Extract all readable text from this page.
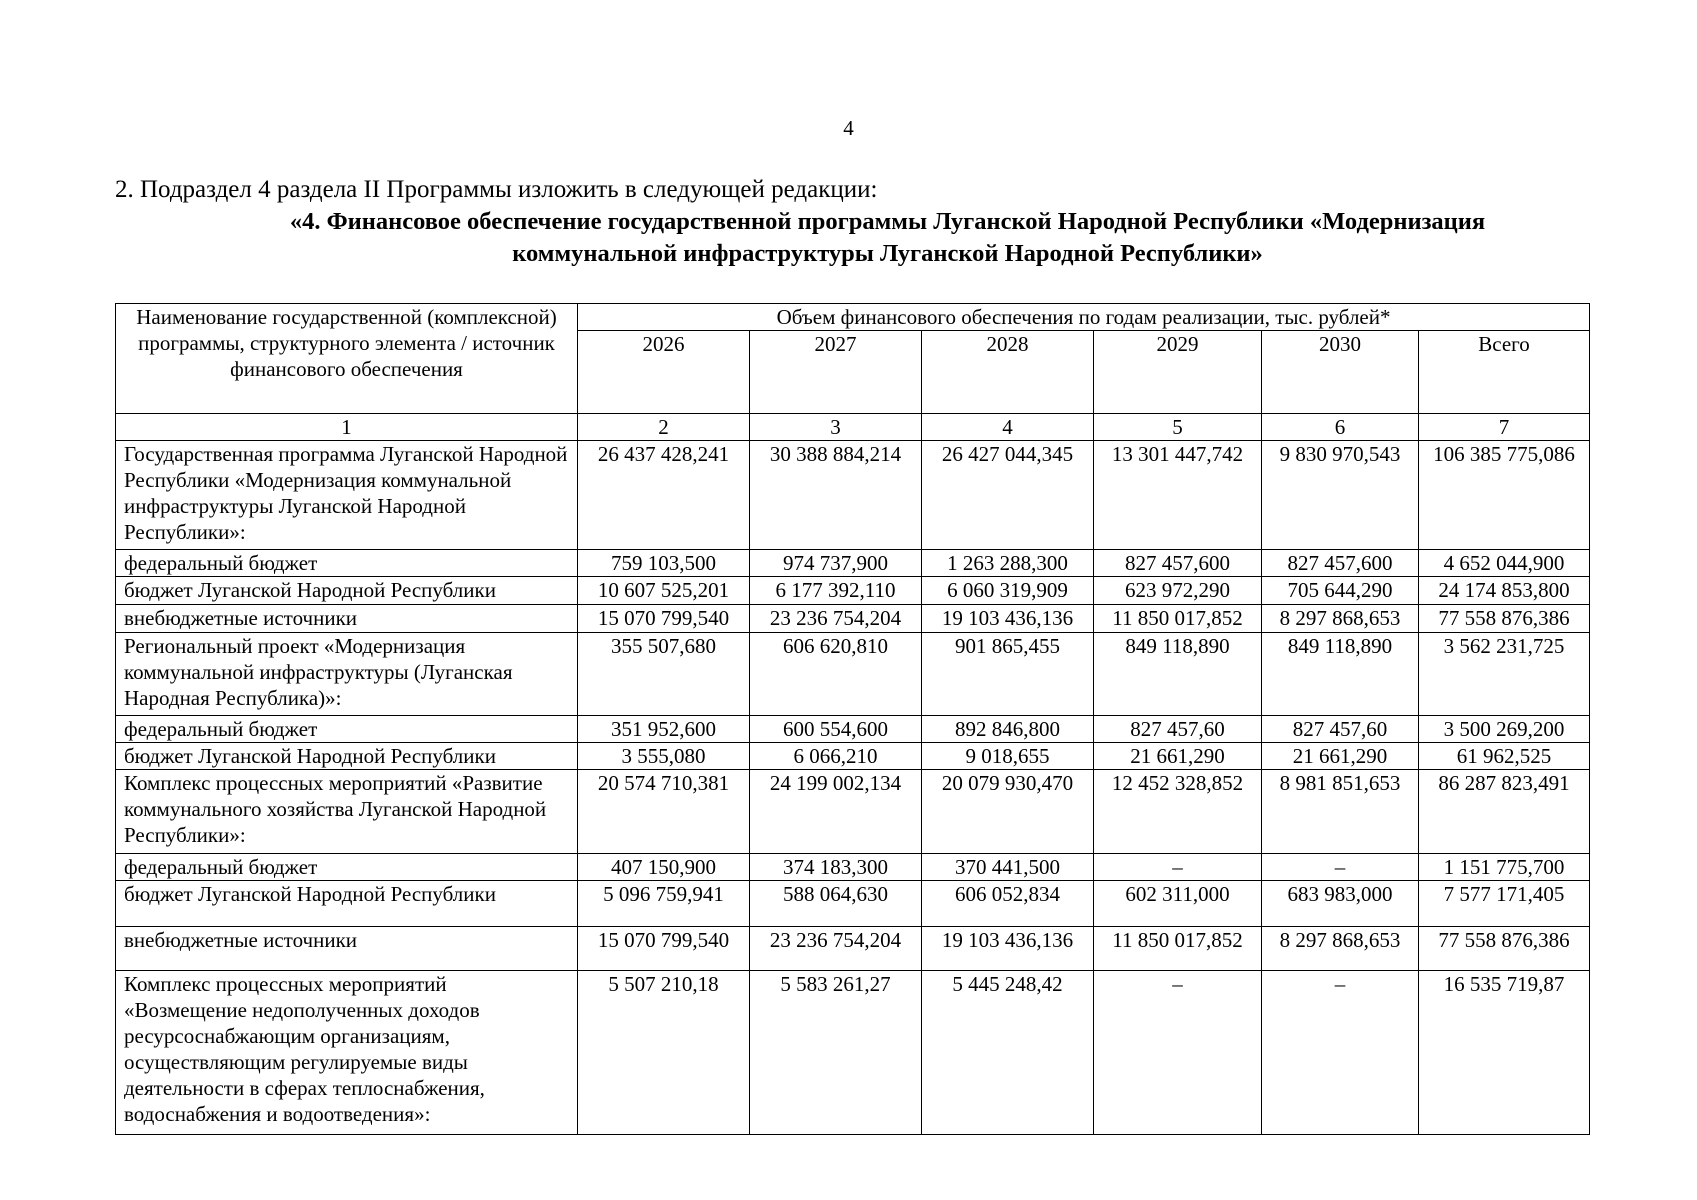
4
2. Подраздел 4 раздела II Программы изложить в следующей редакции:
«4. Финансовое обеспечение государственной программы Луганской Народной Республики «Модернизация
коммунальной инфраструктуры Луганской Народной Республики»
Наименование государственной (комплексной) программы, структурного элемента / источник финансового обеспечения	Объем финансового обеспечения по годам реализации, тыс. рублей*					
	2026	2027	2028	2029	2030	Всего
1	2	3	4	5	6	7
Государственная программа Луганской Народной Республики «Модернизация коммунальной инфраструктуры Луганской Народной Республики»:	26 437 428,241	30 388 884,214	26 427 044,345	13 301 447,742	9 830 970,543	106 385 775,086
федеральный бюджет	759 103,500	974 737,900	1 263 288,300	827 457,600	827 457,600	4 652 044,900
бюджет Луганской Народной Республики	10 607 525,201	6 177 392,110	6 060 319,909	623 972,290	705 644,290	24 174 853,800
внебюджетные источники	15 070 799,540	23 236 754,204	19 103 436,136	11 850 017,852	8 297 868,653	77 558 876,386
Региональный проект «Модернизация коммунальной инфраструктуры (Луганская Народная Республика)»:	355 507,680	606 620,810	901 865,455	849 118,890	849 118,890	3 562 231,725
федеральный бюджет	351 952,600	600 554,600	892 846,800	827 457,60	827 457,60	3 500 269,200
бюджет Луганской Народной Республики	3 555,080	6 066,210	9 018,655	21 661,290	21 661,290	61 962,525
Комплекс процессных мероприятий «Развитие коммунального хозяйства Луганской Народной Республики»:	20 574 710,381	24 199 002,134	20 079 930,470	12 452 328,852	8 981 851,653	86 287 823,491
федеральный бюджет	407 150,900	374 183,300	370 441,500	–	–	1 151 775,700
бюджет Луганской Народной Республики	5 096 759,941	588 064,630	606 052,834	602 311,000	683 983,000	7 577 171,405
внебюджетные источники	15 070 799,540	23 236 754,204	19 103 436,136	11 850 017,852	8 297 868,653	77 558 876,386
Комплекс процессных мероприятий «Возмещение недополученных доходов ресурсоснабжающим организациям, осуществляющим регулируемые виды деятельности в сферах теплоснабжения, водоснабжения и водоотведения»:	5 507 210,18	5 583 261,27	5 445 248,42	–	–	16 535 719,87
